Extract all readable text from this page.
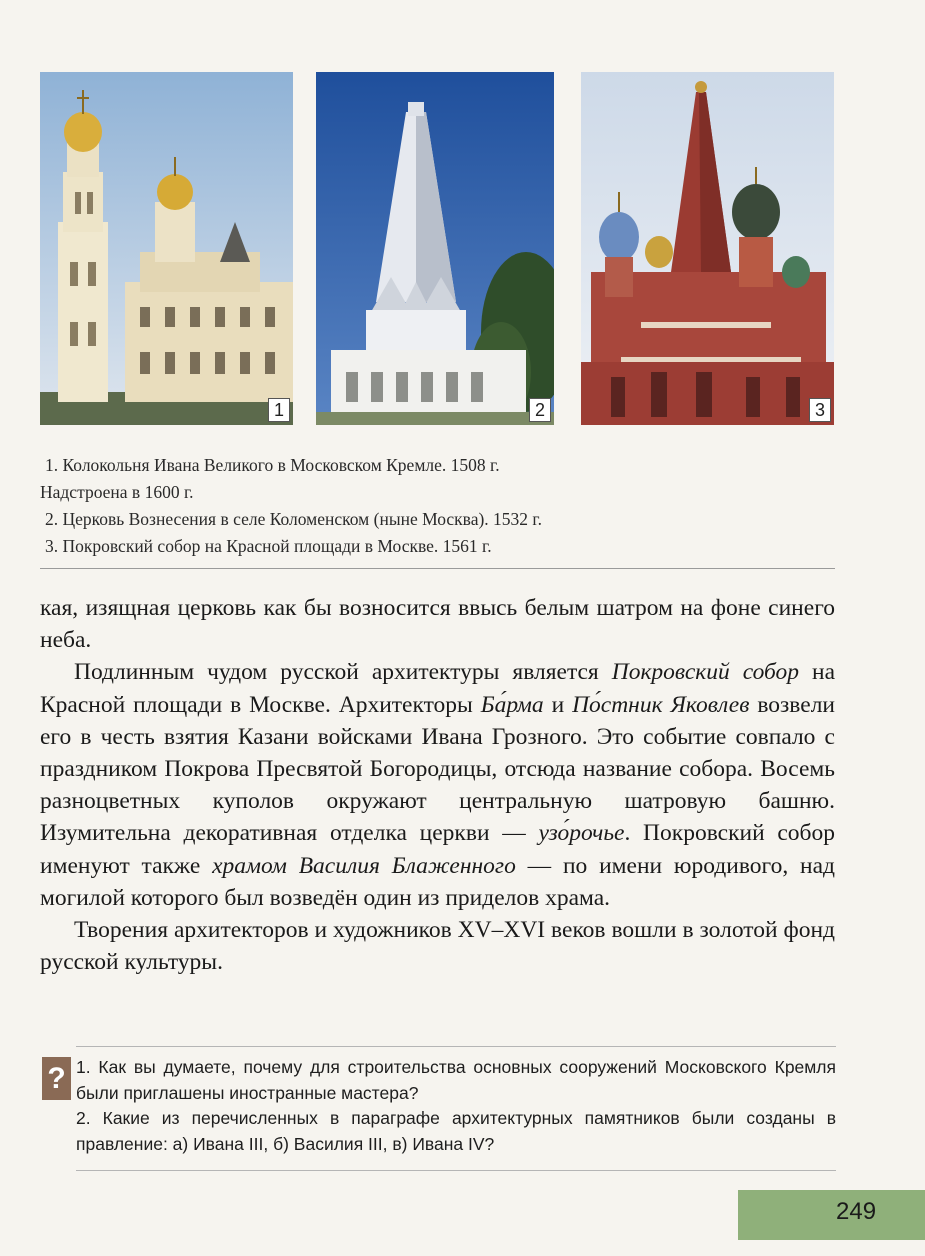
1	2	3
1. Колокольня Ивана Великого в Московском Кремле. 1508 г.
Надстроена в 1600 г.
2. Церковь Вознесения в селе Коломенском (ныне Москва). 1532 г.
3. Покровский собор на Красной площади в Москве. 1561 г.

кая, изящная церковь как бы возносится ввысь белым шатром на фоне синего неба.

Подлинным чудом русской архитектуры является Покровский собор на Красной площади в Москве. Архитекторы Ба́рма и По́стник Яковлев возвели его в честь взятия Казани войсками Ивана Грозного. Это событие совпало с праздником Покрова Пресвятой Богородицы, отсюда название собора. Восемь разноцветных куполов окружают центральную шатровую башню. Изумительна декоративная отделка церкви — узо́рочье. Покровский собор именуют также храмом Василия Блаженного — по имени юродивого, над могилой которого был возведён один из приделов храма.

Творения архитекторов и художников XV–XVI веков вошли в золотой фонд русской культуры.

? 1. Как вы думаете, почему для строительства основных сооружений Московского Кремля были приглашены иностранные мастера?

2. Какие из перечисленных в параграфе архитектурных памятников были созданы в правление: а) Ивана III, б) Василия III, в) Ивана IV?

249
